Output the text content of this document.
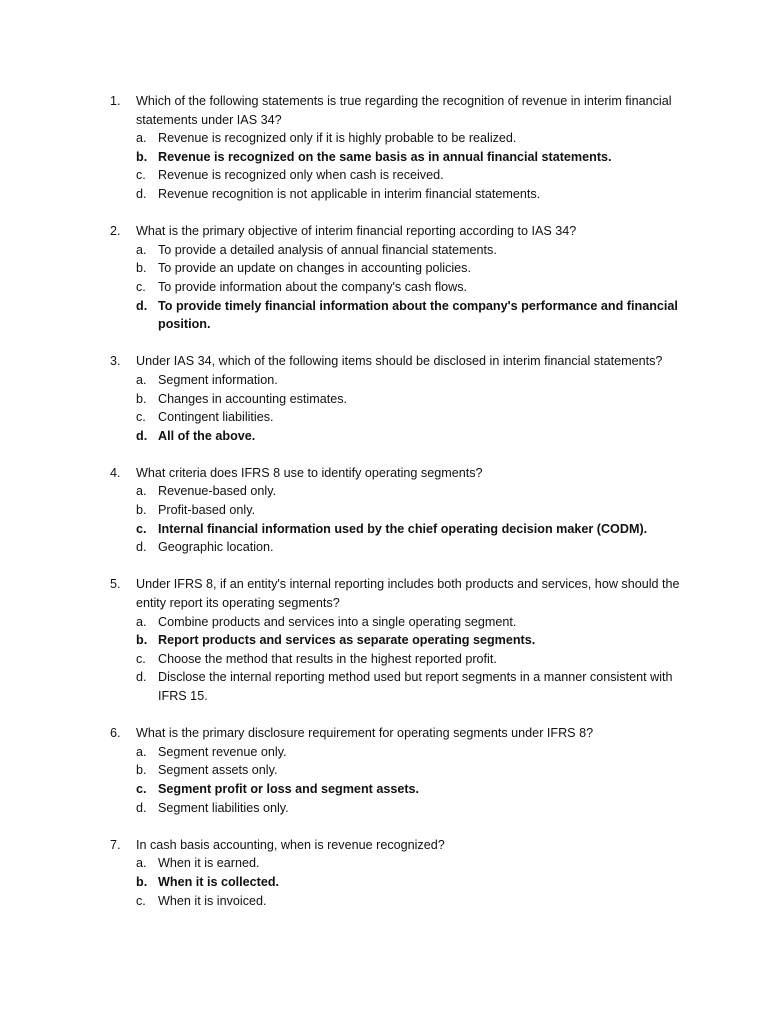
1.	Which of the following statements is true regarding the recognition of revenue in interim financial statements under IAS 34?
a. Revenue is recognized only if it is highly probable to be realized.
b. Revenue is recognized on the same basis as in annual financial statements.
c. Revenue is recognized only when cash is received.
d. Revenue recognition is not applicable in interim financial statements.
2.	What is the primary objective of interim financial reporting according to IAS 34?
a. To provide a detailed analysis of annual financial statements.
b. To provide an update on changes in accounting policies.
c. To provide information about the company's cash flows.
d. To provide timely financial information about the company's performance and financial position.
3.	Under IAS 34, which of the following items should be disclosed in interim financial statements?
a. Segment information.
b. Changes in accounting estimates.
c. Contingent liabilities.
d. All of the above.
4.	What criteria does IFRS 8 use to identify operating segments?
a. Revenue-based only.
b. Profit-based only.
c. Internal financial information used by the chief operating decision maker (CODM).
d. Geographic location.
5.	Under IFRS 8, if an entity's internal reporting includes both products and services, how should the entity report its operating segments?
a. Combine products and services into a single operating segment.
b. Report products and services as separate operating segments.
c. Choose the method that results in the highest reported profit.
d. Disclose the internal reporting method used but report segments in a manner consistent with IFRS 15.
6.	What is the primary disclosure requirement for operating segments under IFRS 8?
a. Segment revenue only.
b. Segment assets only.
c. Segment profit or loss and segment assets.
d. Segment liabilities only.
7.	In cash basis accounting, when is revenue recognized?
a. When it is earned.
b. When it is collected.
c. When it is invoiced.
